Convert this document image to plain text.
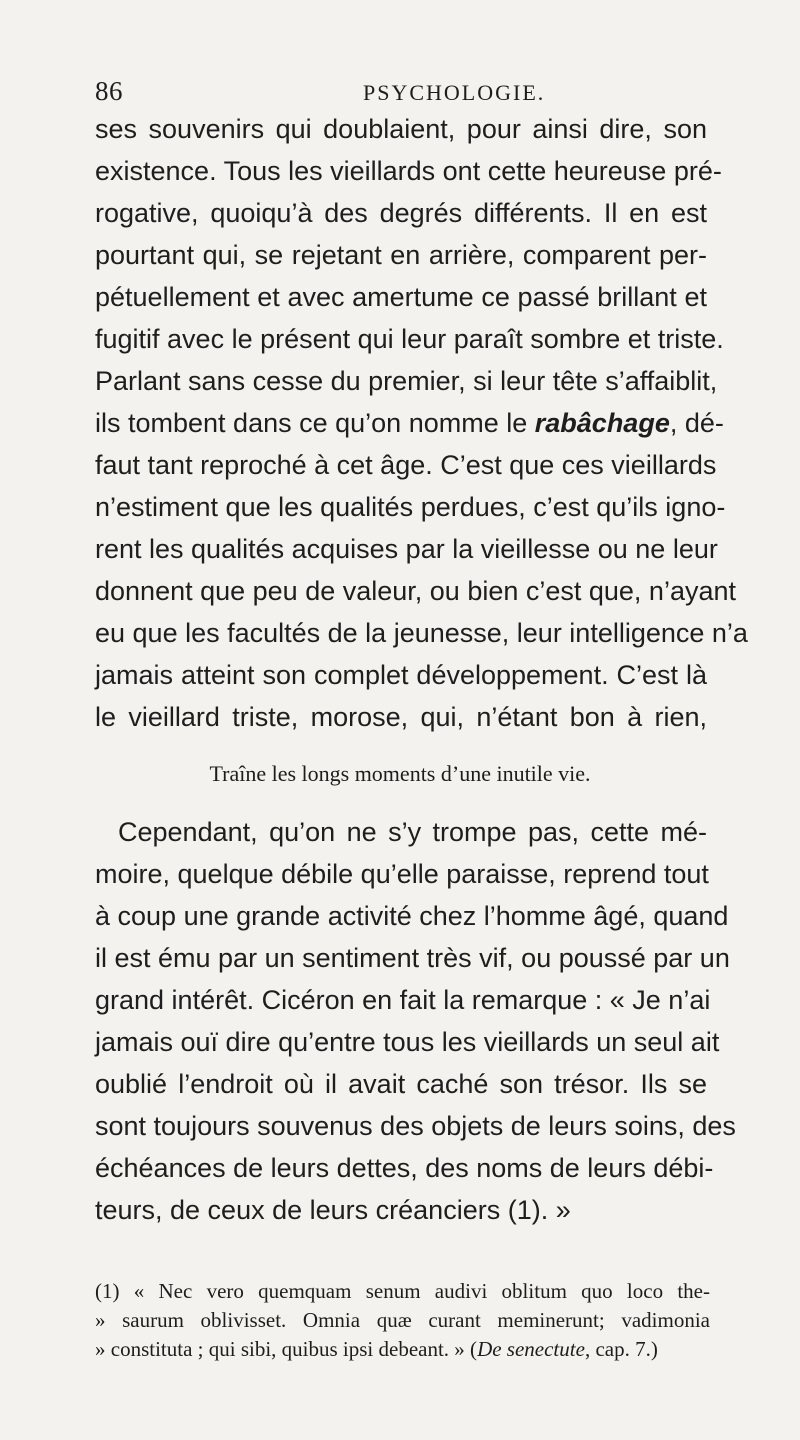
86	PSYCHOLOGIE.
ses souvenirs qui doublaient, pour ainsi dire, son
existence. Tous les vieillards ont cette heureuse pré-
rogative, quoiqu’à des degrés différents. Il en est
pourtant qui, se rejetant en arrière, comparent per-
pétuellement et avec amertume ce passé brillant et
fugitif avec le présent qui leur paraît sombre et triste.
Parlant sans cesse du premier, si leur tête s’affaiblit,
ils tombent dans ce qu’on nomme le rabâchage, dé-
faut tant reproché à cet âge. C’est que ces vieillards
n’estiment que les qualités perdues, c’est qu’ils igno-
rent les qualités acquises par la vieillesse ou ne leur
donnent que peu de valeur, ou bien c’est que, n’ayant
eu que les facultés de la jeunesse, leur intelligence n’a
jamais atteint son complet développement. C’est là
le vieillard triste, morose, qui, n’étant bon à rien,
Traîne les longs moments d’une inutile vie.
Cependant, qu’on ne s’y trompe pas, cette mé-
moire, quelque débile qu’elle paraisse, reprend tout
à coup une grande activité chez l’homme âgé, quand
il est ému par un sentiment très vif, ou poussé par un
grand intérêt. Cicéron en fait la remarque : « Je n’ai
jamais ouï dire qu’entre tous les vieillards un seul ait
oublié l’endroit où il avait caché son trésor. Ils se
sont toujours souvenus des objets de leurs soins, des
échéances de leurs dettes, des noms de leurs débi-
teurs, de ceux de leurs créanciers (1). »
(1) « Nec vero quemquam senum audivi oblitum quo loco the-
» saurum oblivisset. Omnia quæ curant meminerunt; vadimonia
» constituta ; qui sibi, quibus ipsi debeant. » (De senectute, cap. 7.)
